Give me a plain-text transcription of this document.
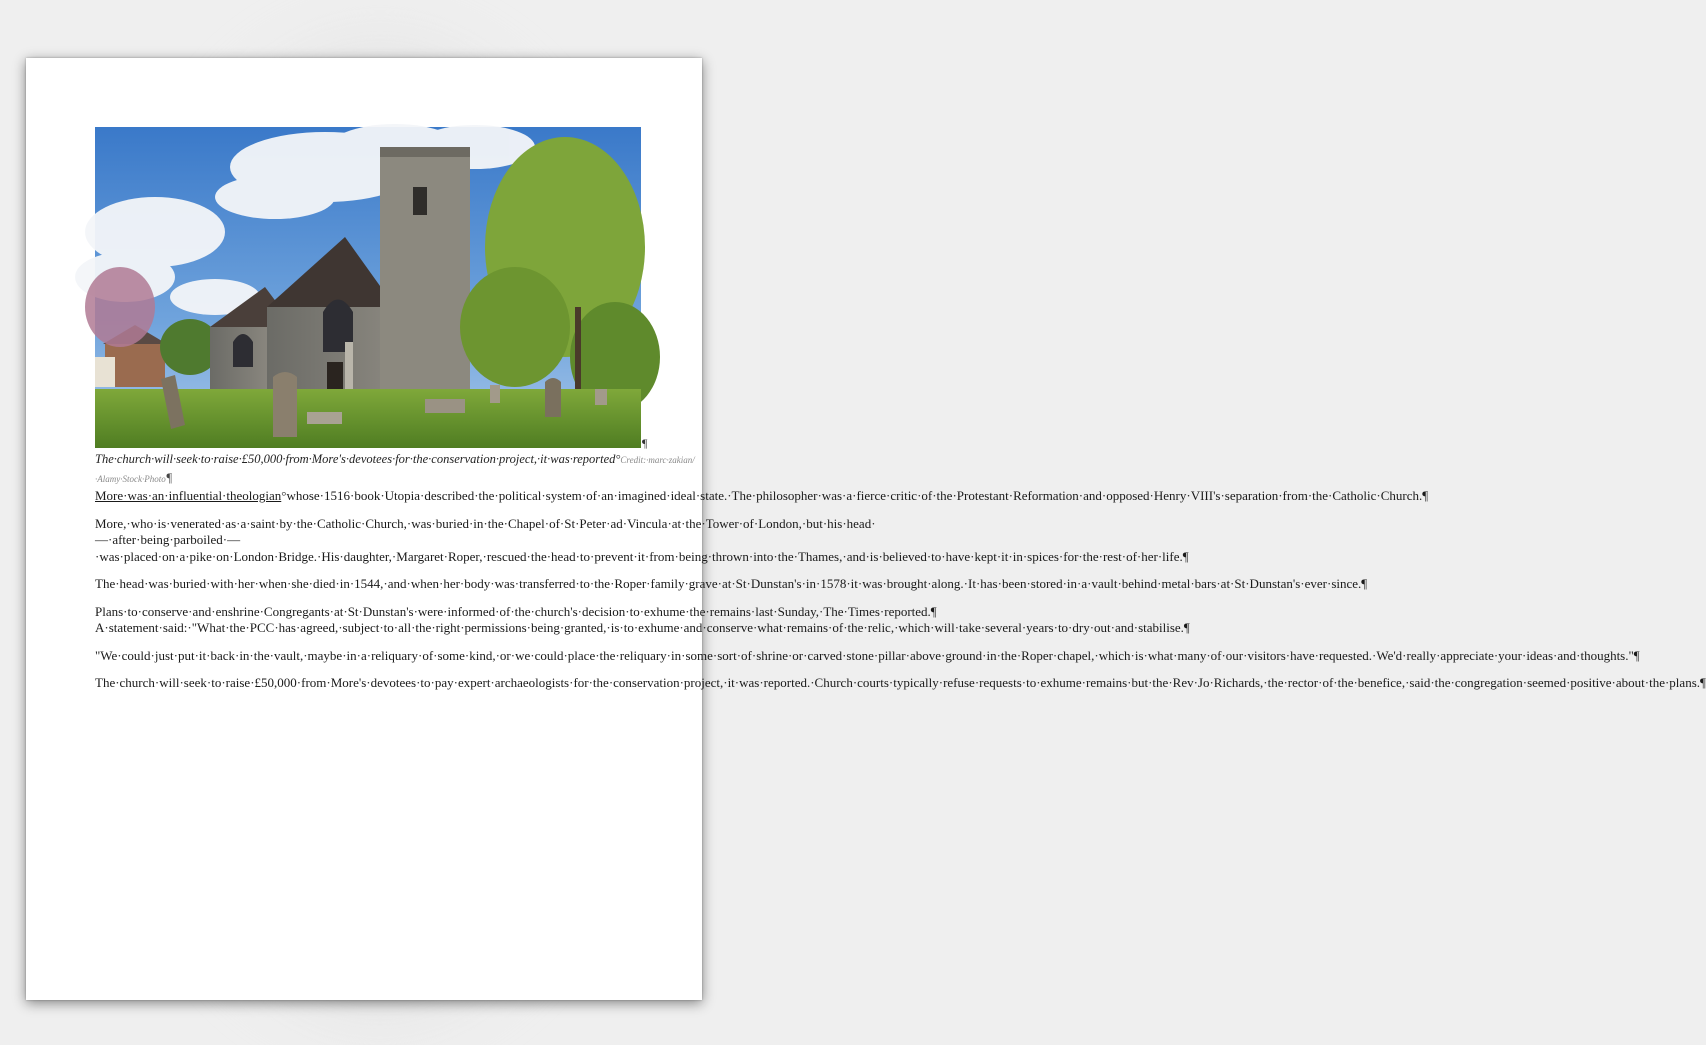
¶
The·church·will·seek·to·raise·£50,000·from·More's·devotees·for·the·conservation·project,·it·was·reported°Credit:·marc·zakian/·Alamy·Stock·Photo¶

More·was·an·influential·theologian°whose·1516·book·Utopia·described·the·political·system·of·an·imagined·ideal·state.·The·philosopher·was·a·fierce·critic·of·the·Protestant·Reformation·and·opposed·Henry·VIII's·separation·from·the·Catholic·Church.¶

More,·who·is·venerated·as·a·saint·by·the·Catholic·Church,·was·buried·in·the·Chapel·of·St·Peter·ad·Vincula·at·the·Tower·of·London,·but·his·head·—·after·being·parboiled·—·was·placed·on·a·pike·on·London·Bridge.·His·daughter,·Margaret·Roper,·rescued·the·head·to·prevent·it·from·being·thrown·into·the·Thames,·and·is·believed·to·have·kept·it·in·spices·for·the·rest·of·her·life.¶

The·head·was·buried·with·her·when·she·died·in·1544,·and·when·her·body·was·transferred·to·the·Roper·family·grave·at·St·Dunstan's·in·1578·it·was·brought·along.·It·has·been·stored·in·a·vault·behind·metal·bars·at·St·Dunstan's·ever·since.¶

Plans·to·conserve·and·enshrine·Congregants·at·St·Dunstan's·were·informed·of·the·church's·decision·to·exhume·the·remains·last·Sunday,·The·Times·reported.¶

A·statement·said:·"What·the·PCC·has·agreed,·subject·to·all·the·right·permissions·being·granted,·is·to·exhume·and·conserve·what·remains·of·the·relic,·which·will·take·several·years·to·dry·out·and·stabilise.¶

"We·could·just·put·it·back·in·the·vault,·maybe·in·a·reliquary·of·some·kind,·or·we·could·place·the·reliquary·in·some·sort·of·shrine·or·carved·stone·pillar·above·ground·in·the·Roper·chapel,·which·is·what·many·of·our·visitors·have·requested.·We'd·really·appreciate·your·ideas·and·thoughts."¶

The·church·will·seek·to·raise·£50,000·from·More's·devotees·to·pay·expert·archaeologists·for·the·conservation·project,·it·was·reported.·Church·courts·typically·refuse·requests·to·exhume·remains·but·the·Rev·Jo·Richards,·the·rector·of·the·benefice,·said·the·congregation·seemed·positive·about·the·plans.¶
